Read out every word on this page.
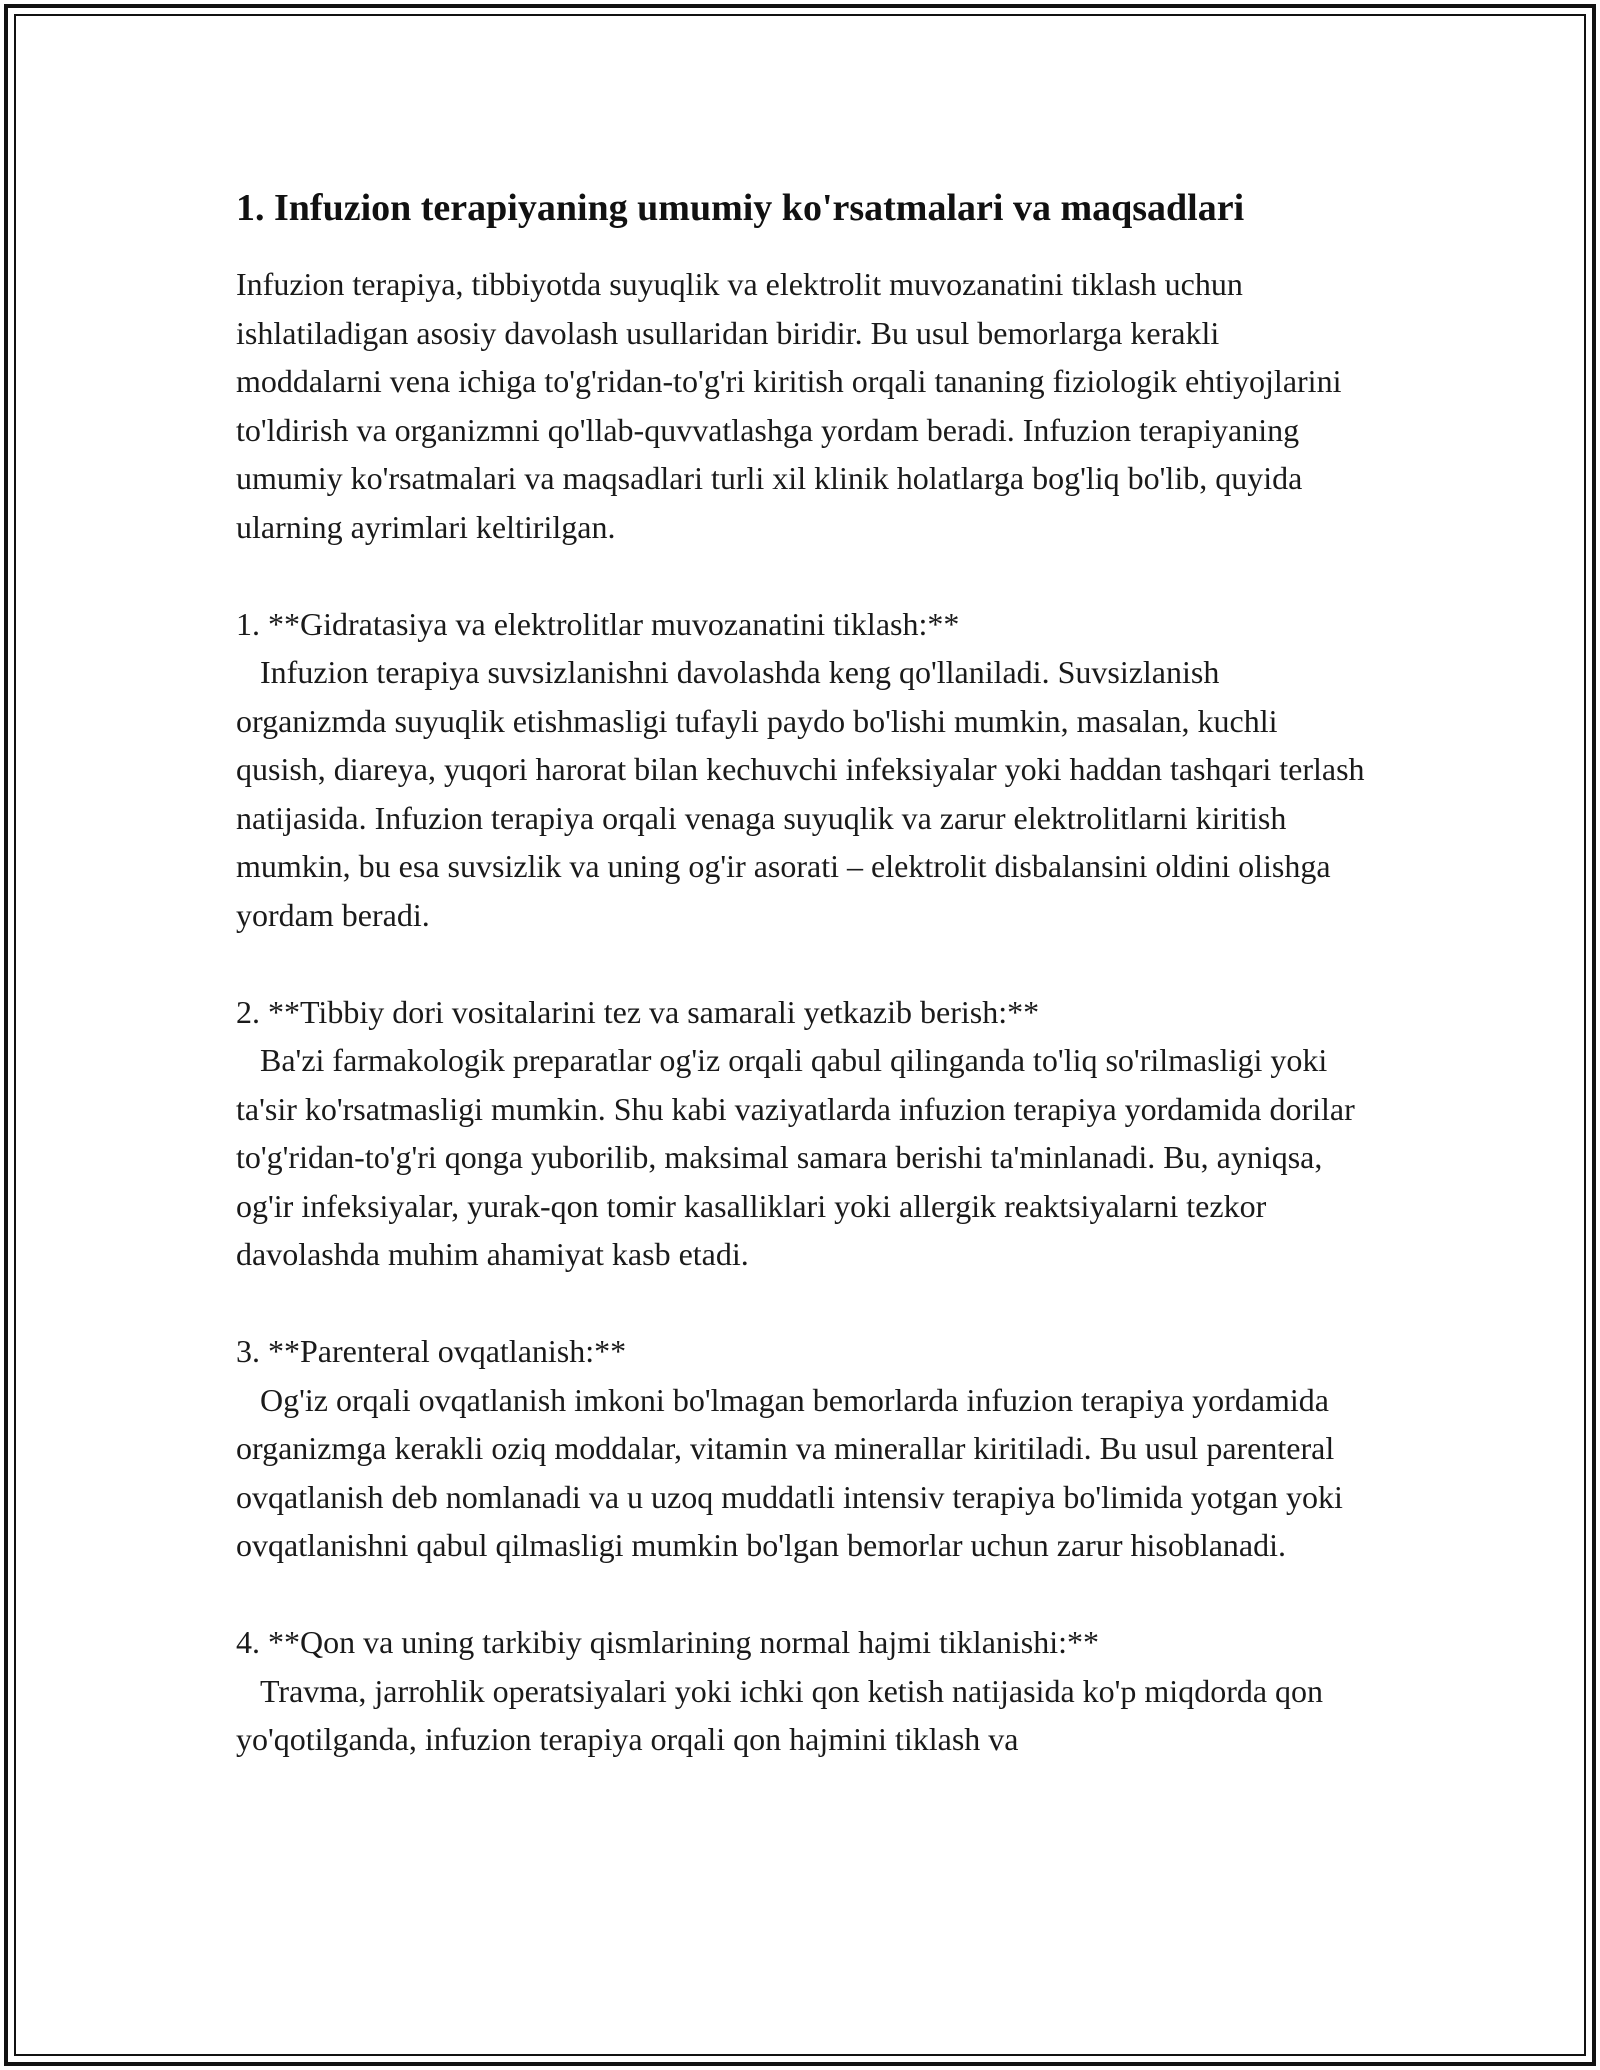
1. Infuzion terapiyaning umumiy ko'rsatmalari va maqsadlari

Infuzion terapiya, tibbiyotda suyuqlik va elektrolit muvozanatini tiklash uchun ishlatiladigan asosiy davolash usullaridan biridir. Bu usul bemorlarga kerakli moddalarni vena ichiga to'g'ridan-to'g'ri kiritish orqali tananing fiziologik ehtiyojlarini to'ldirish va organizmni qo'llab-quvvatlashga yordam beradi. Infuzion terapiyaning umumiy ko'rsatmalari va maqsadlari turli xil klinik holatlarga bog'liq bo'lib, quyida ularning ayrimlari keltirilgan.

1. **Gidratasiya va elektrolitlar muvozanatini tiklash:**

Infuzion terapiya suvsizlanishni davolashda keng qo'llaniladi. Suvsizlanish organizmda suyuqlik etishmasligi tufayli paydo bo'lishi mumkin, masalan, kuchli qusish, diareya, yuqori harorat bilan kechuvchi infeksiyalar yoki haddan tashqari terlash natijasida. Infuzion terapiya orqali venaga suyuqlik va zarur elektrolitlarni kiritish mumkin, bu esa suvsizlik va uning og'ir asorati – elektrolit disbalansini oldini olishga yordam beradi.

2. **Tibbiy dori vositalarini tez va samarali yetkazib berish:**

Ba'zi farmakologik preparatlar og'iz orqali qabul qilinganda to'liq so'rilmasligi yoki ta'sir ko'rsatmasligi mumkin. Shu kabi vaziyatlarda infuzion terapiya yordamida dorilar to'g'ridan-to'g'ri qonga yuborilib, maksimal samara berishi ta'minlanadi. Bu, ayniqsa, og'ir infeksiyalar, yurak-qon tomir kasalliklari yoki allergik reaktsiyalarni tezkor davolashda muhim ahamiyat kasb etadi.

3. **Parenteral ovqatlanish:**

Og'iz orqali ovqatlanish imkoni bo'lmagan bemorlarda infuzion terapiya yordamida organizmga kerakli oziq moddalar, vitamin va minerallar kiritiladi. Bu usul parenteral ovqatlanish deb nomlanadi va u uzoq muddatli intensiv terapiya bo'limida yotgan yoki ovqatlanishni qabul qilmasligi mumkin bo'lgan bemorlar uchun zarur hisoblanadi.

4. **Qon va uning tarkibiy qismlarining normal hajmi tiklanishi:**

Travma, jarrohlik operatsiyalari yoki ichki qon ketish natijasida ko'p miqdorda qon yo'qotilganda, infuzion terapiya orqali qon hajmini tiklash va
